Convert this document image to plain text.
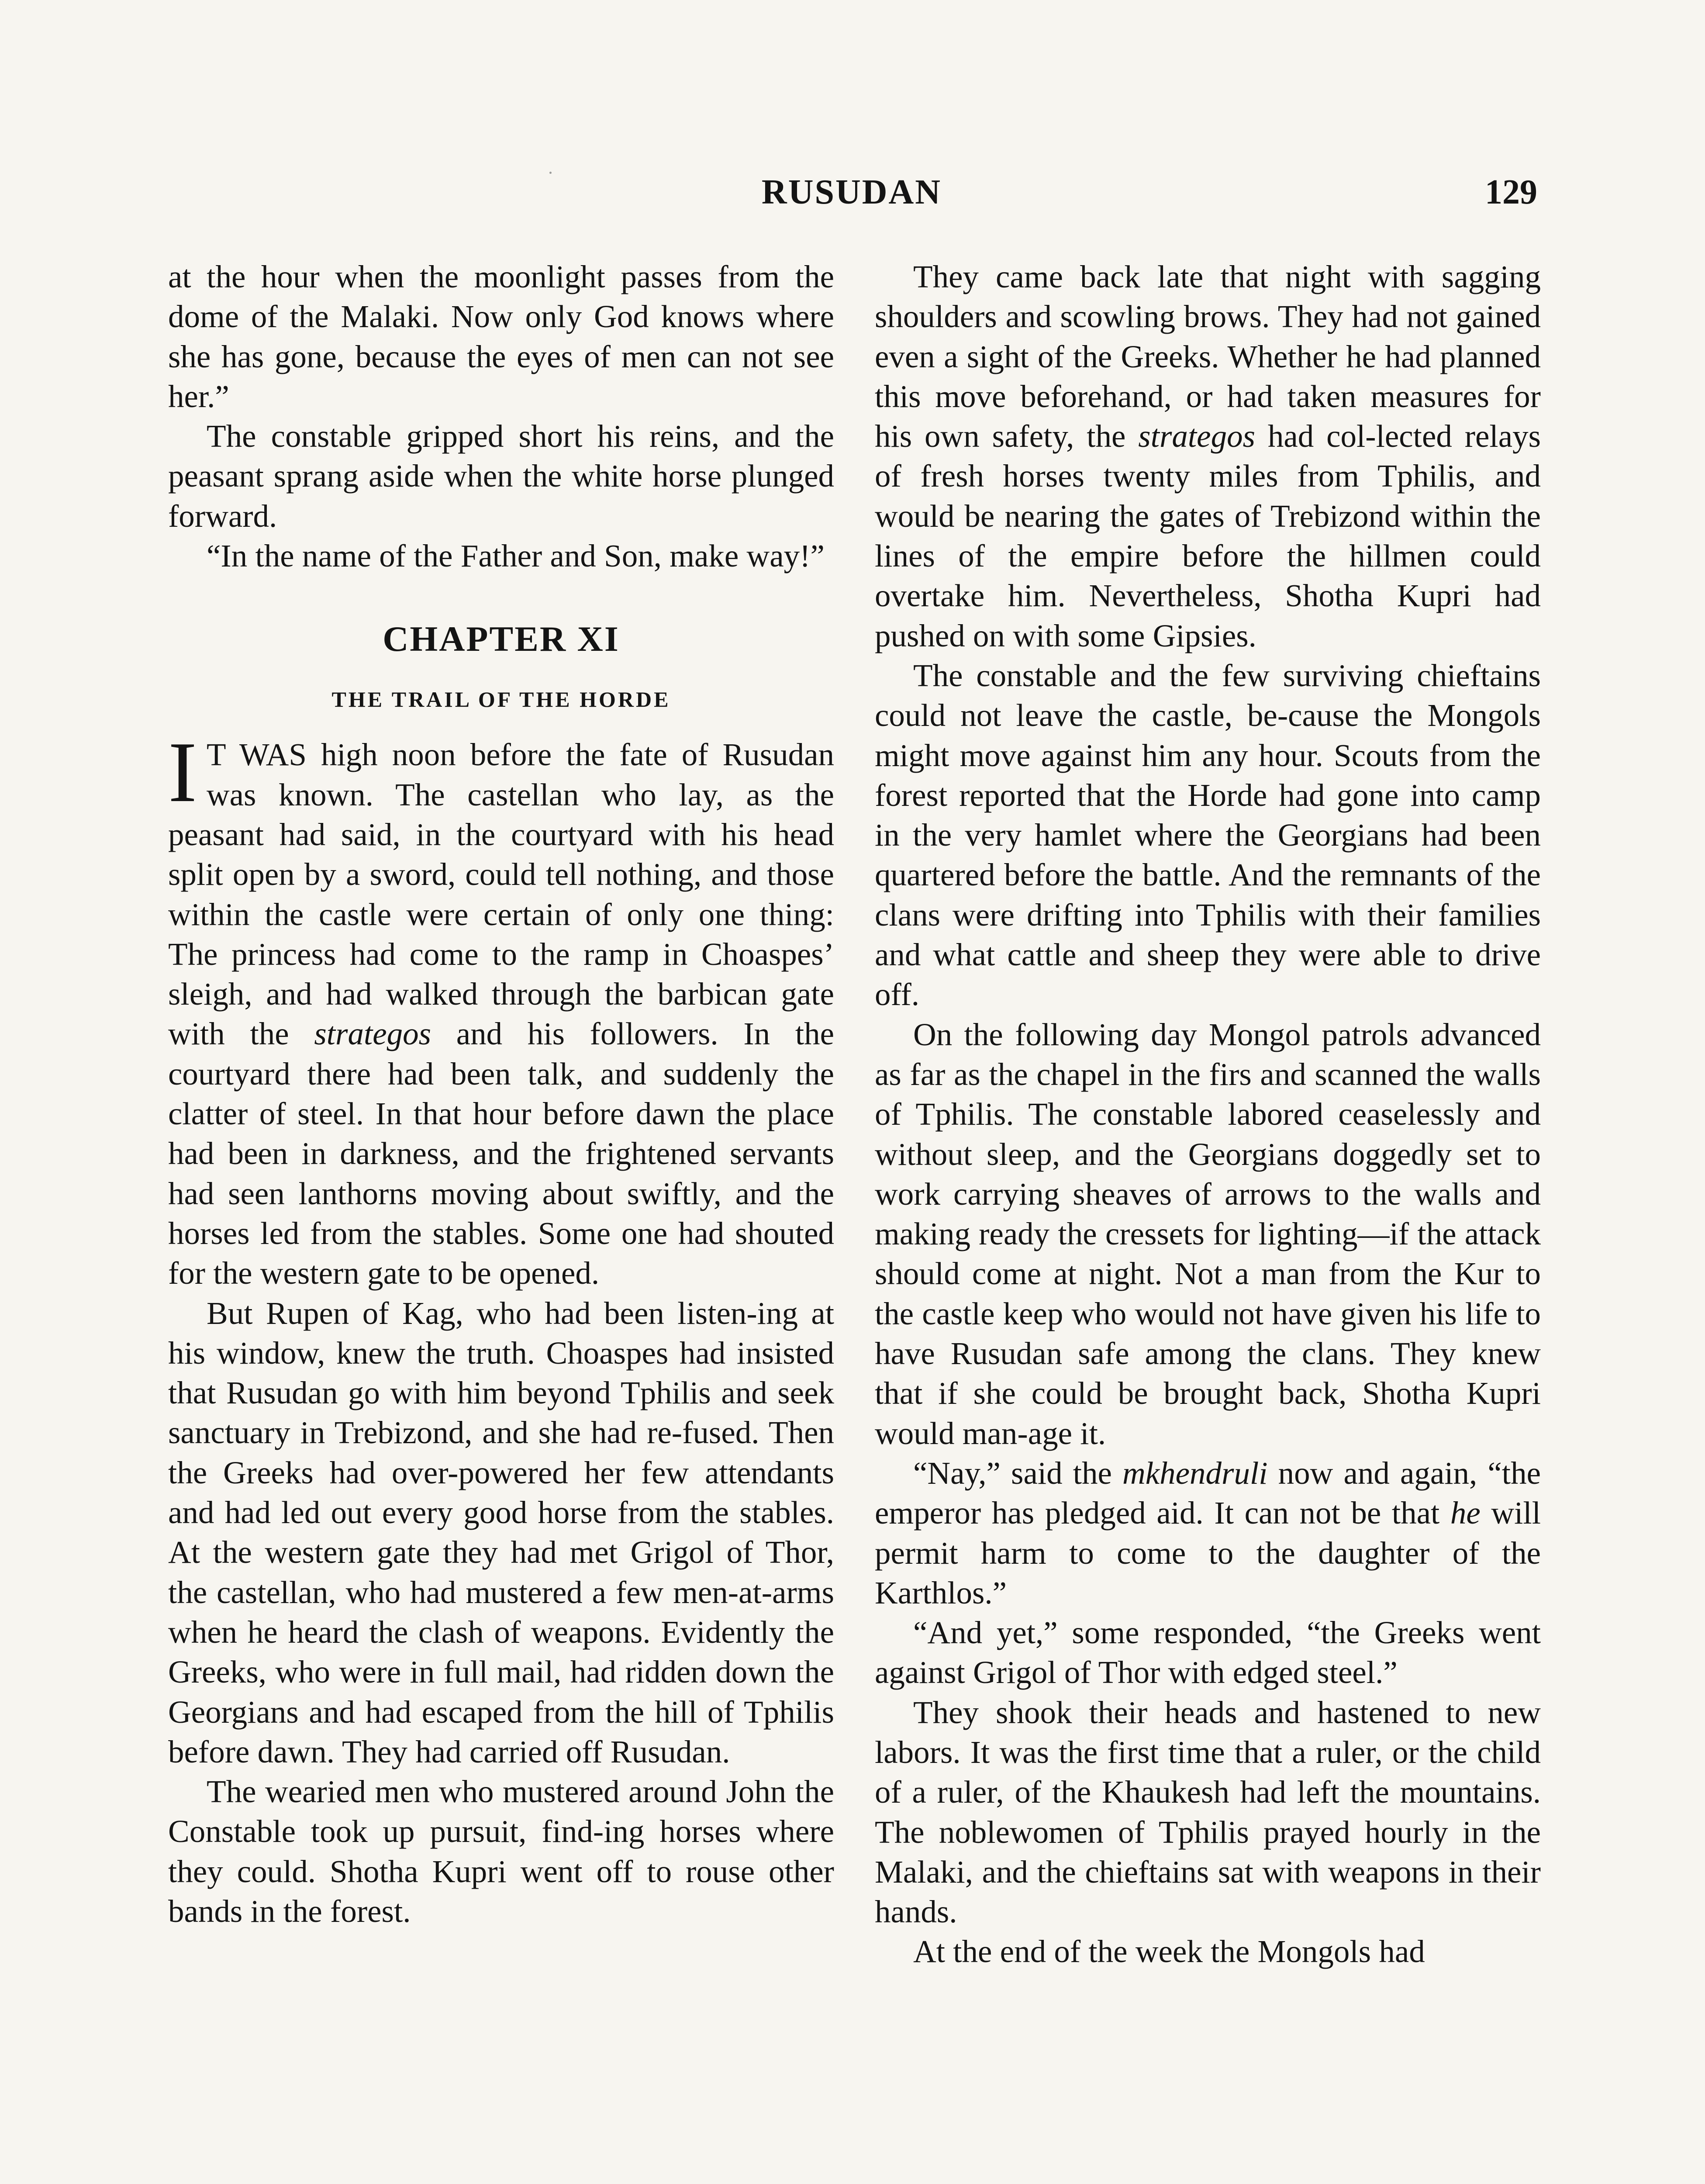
RUSUDAN	129

at the hour when the moonlight passes from the dome of the Malaki. Now only God knows where she has gone, because the eyes of men can not see her.”

The constable gripped short his reins, and the peasant sprang aside when the white horse plunged forward.

“In the name of the Father and Son, make way!”

CHAPTER XI
THE TRAIL OF THE HORDE

I T WAS high noon before the fate of Rusudan was known. The castellan who lay, as the peasant had said, in the courtyard with his head split open by a sword, could tell nothing, and those within the castle were certain of only one thing: The princess had come to the ramp in Choaspes’ sleigh, and had walked through the barbican gate with the strategos and his followers. In the courtyard there had been talk, and suddenly the clatter of steel. In that hour before dawn the place had been in darkness, and the frightened servants had seen lanthorns moving about swiftly, and the horses led from the stables. Some one had shouted for the western gate to be opened.

But Rupen of Kag, who had been listen-ing at his window, knew the truth. Choaspes had insisted that Rusudan go with him beyond Tphilis and seek sanctuary in Trebizond, and she had re-fused. Then the Greeks had over-powered her few attendants and had led out every good horse from the stables. At the western gate they had met Grigol of Thor, the castellan, who had mustered a few men-at-arms when he heard the clash of weapons. Evidently the Greeks, who were in full mail, had ridden down the Georgians and had escaped from the hill of Tphilis before dawn. They had carried off Rusudan.

The wearied men who mustered around John the Constable took up pursuit, find-ing horses where they could. Shotha Kupri went off to rouse other bands in the forest.

They came back late that night with sagging shoulders and scowling brows. They had not gained even a sight of the Greeks. Whether he had planned this move beforehand, or had taken measures for his own safety, the strategos had col-lected relays of fresh horses twenty miles from Tphilis, and would be nearing the gates of Trebizond within the lines of the empire before the hillmen could overtake him. Nevertheless, Shotha Kupri had pushed on with some Gipsies.

The constable and the few surviving chieftains could not leave the castle, be-cause the Mongols might move against him any hour. Scouts from the forest reported that the Horde had gone into camp in the very hamlet where the Georgians had been quartered before the battle. And the remnants of the clans were drifting into Tphilis with their families and what cattle and sheep they were able to drive off.

On the following day Mongol patrols advanced as far as the chapel in the firs and scanned the walls of Tphilis. The constable labored ceaselessly and without sleep, and the Georgians doggedly set to work carrying sheaves of arrows to the walls and making ready the cressets for lighting—if the attack should come at night. Not a man from the Kur to the castle keep who would not have given his life to have Rusudan safe among the clans. They knew that if she could be brought back, Shotha Kupri would man-age it.

“Nay,” said the mkhendruli now and again, “the emperor has pledged aid. It can not be that he will permit harm to come to the daughter of the Karthlos.”

“And yet,” some responded, “the Greeks went against Grigol of Thor with edged steel.”

They shook their heads and hastened to new labors. It was the first time that a ruler, or the child of a ruler, of the Khaukesh had left the mountains. The noblewomen of Tphilis prayed hourly in the Malaki, and the chieftains sat with weapons in their hands.

At the end of the week the Mongols had
